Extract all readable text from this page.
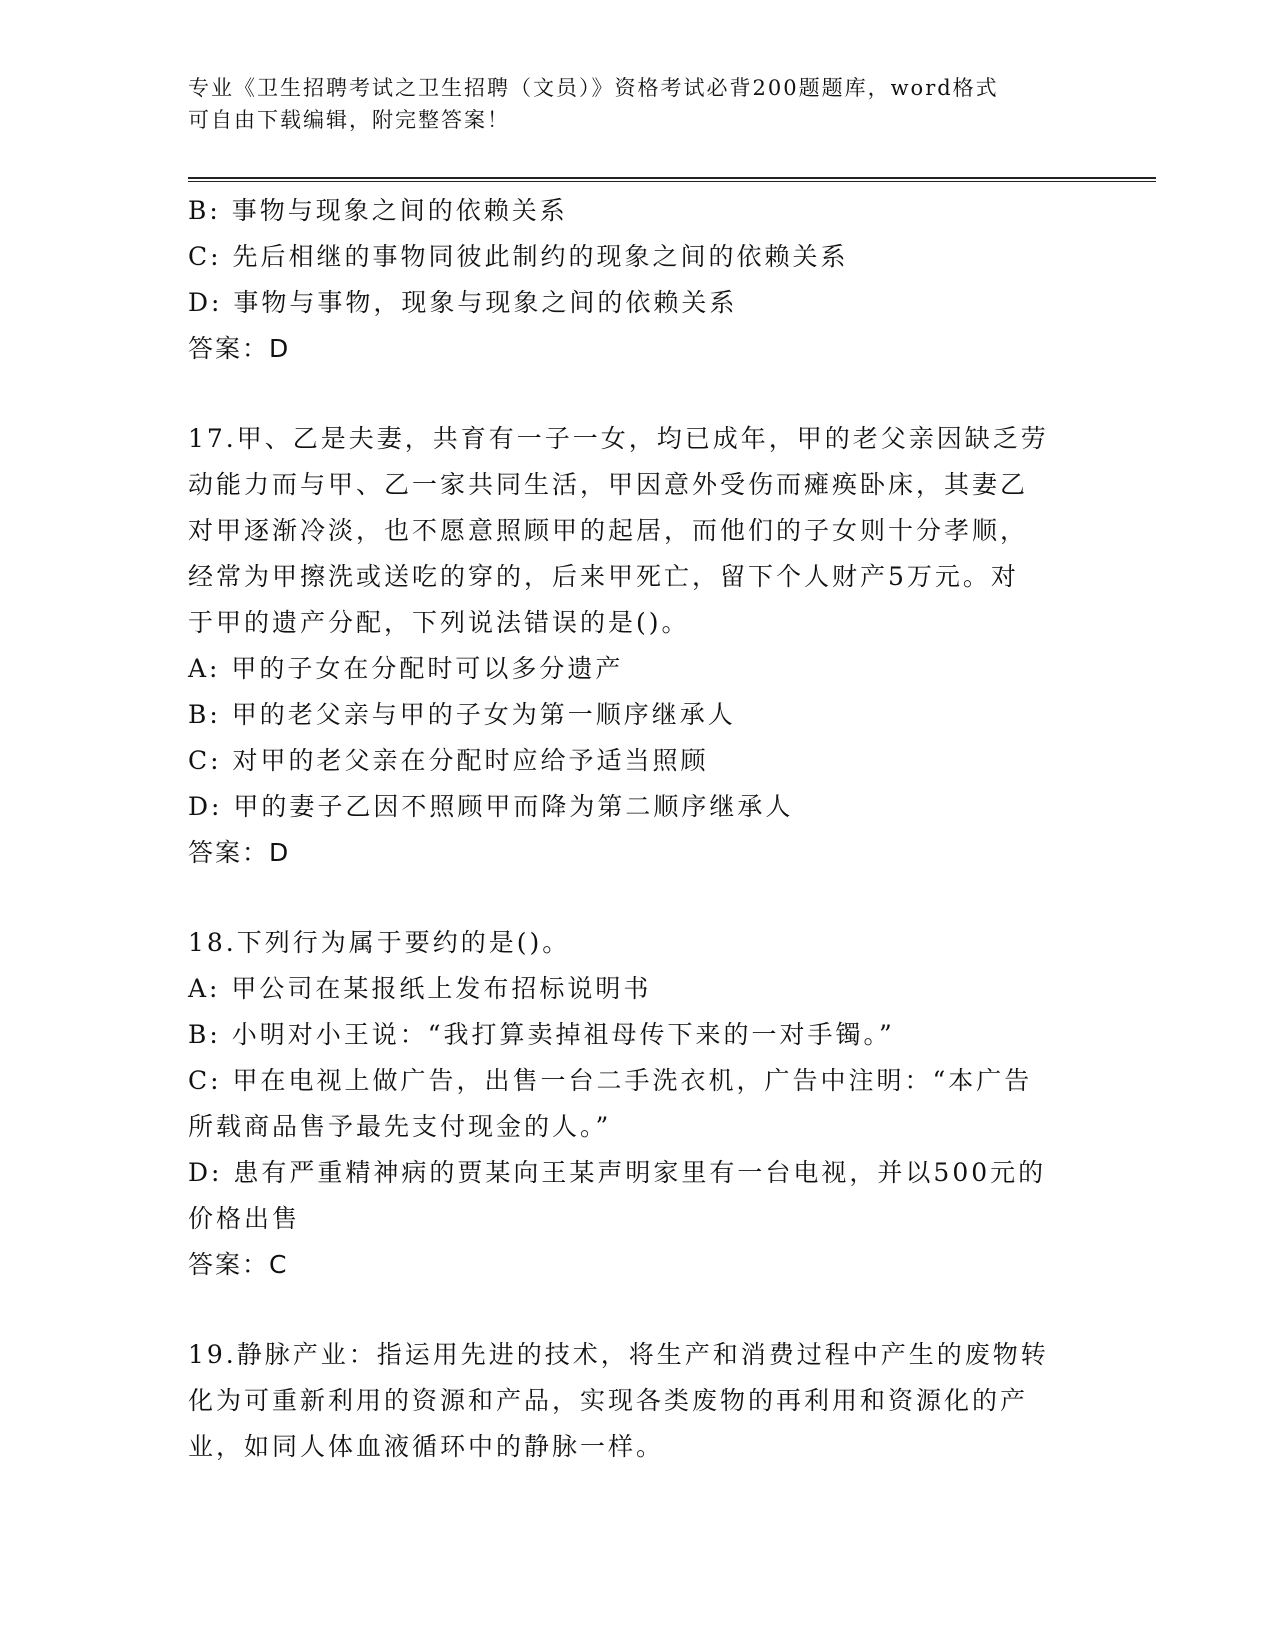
专业《卫生招聘考试之卫生招聘（文员）》资格考试必背200题题库，word格式
可自由下载编辑，附完整答案！
B: 事物与现象之间的依赖关系
C: 先后相继的事物同彼此制约的现象之间的依赖关系
D: 事物与事物，现象与现象之间的依赖关系
答案：D
17.甲、乙是夫妻，共育有一子一女，均已成年，甲的老父亲因缺乏劳
动能力而与甲、乙一家共同生活，甲因意外受伤而瘫痪卧床，其妻乙
对甲逐渐冷淡，也不愿意照顾甲的起居，而他们的子女则十分孝顺，
经常为甲擦洗或送吃的穿的，后来甲死亡，留下个人财产5万元。对
于甲的遗产分配，下列说法错误的是()。
A: 甲的子女在分配时可以多分遗产
B: 甲的老父亲与甲的子女为第一顺序继承人
C: 对甲的老父亲在分配时应给予适当照顾
D: 甲的妻子乙因不照顾甲而降为第二顺序继承人
答案：D
18.下列行为属于要约的是()。
A: 甲公司在某报纸上发布招标说明书
B: 小明对小王说：“我打算卖掉祖母传下来的一对手镯。”
C: 甲在电视上做广告，出售一台二手洗衣机，广告中注明：“本广告
所载商品售予最先支付现金的人。”
D: 患有严重精神病的贾某向王某声明家里有一台电视，并以500元的
价格出售
答案：C
19.静脉产业：指运用先进的技术，将生产和消费过程中产生的废物转
化为可重新利用的资源和产品，实现各类废物的再利用和资源化的产
业，如同人体血液循环中的静脉一样。
